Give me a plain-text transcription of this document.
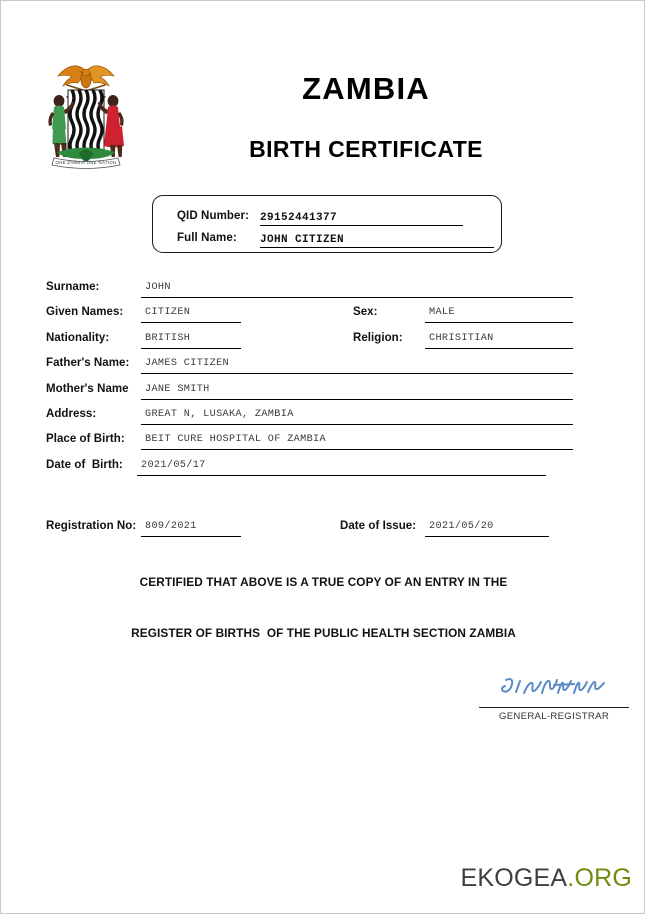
ONE ZAMBIA ONE NATION
ZAMBIA
BIRTH CERTIFICATE
QID Number: 29152441377
Full Name: JOHN CITIZEN
Surname:	JOHN
Given Names:	CITIZEN	Sex:	MALE
Nationality:	BRITISH	Religion:	CHRISITIAN
Father's Name:	JAMES CITIZEN
Mother's Name	JANE SMITH
Address:	GREAT N, LUSAKA, ZAMBIA
Place of Birth:	BEIT CURE HOSPITAL OF ZAMBIA
Date of  Birth:	2021/05/17
Registration No: 809/2021	Date of Issue:	2021/05/20
CERTIFIED THAT ABOVE IS A TRUE COPY OF AN ENTRY IN THE
REGISTER OF BIRTHS  OF THE PUBLIC HEALTH SECTION ZAMBIA
GENERAL-REGISTRAR
EKOGEA.ORG
